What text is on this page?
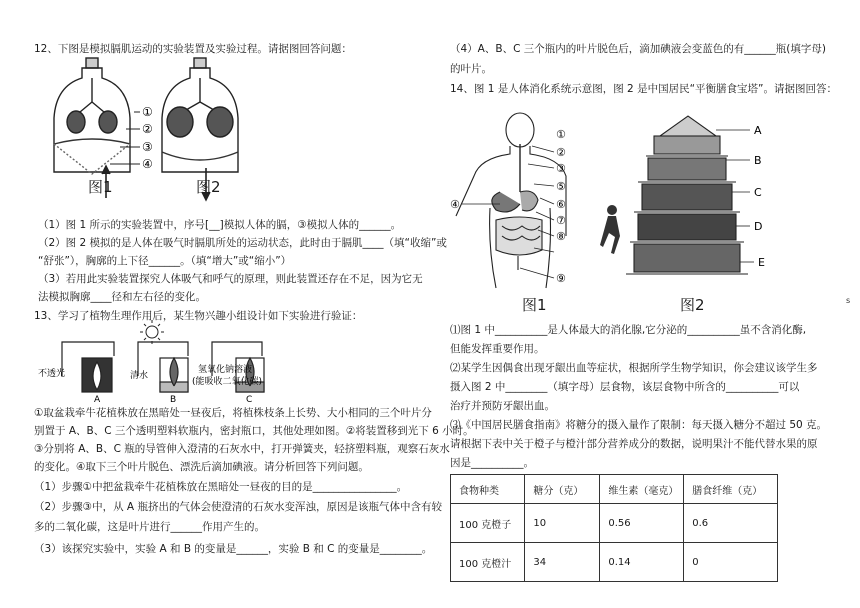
12、下图是模拟膈肌运动的实验装置及实验过程。请据图回答问题：
①
②
③
④
图1	图2
（1）图 1 所示的实验装置中，序号[__]模拟人体的膈，③模拟人体的______。
（2）图 2 模拟的是人体在吸气时膈肌所处的运动状态，此时由于膈肌____（填“收缩”或
“舒张”），胸廓的上下径______。（填“增大”或“缩小”）
（3）若用此实验装置探究人体吸气和呼气的原理，则此装置还存在不足，因为它无
法模拟胸廓____径和左右径的变化。
13、学习了植物生理作用后，某生物兴趣小组设计如下实验进行验证：
不透光	清水
氢氧化钠溶液
(能吸收二氧化碳)
A	B	C
①取盆栽牵牛花植株放在黑暗处一昼夜后，将植株枝条上长势、大小相同的三个叶片分
别置于 A、B、C 三个透明塑料软瓶内，密封瓶口，其他处理如图。②将装置移到光下 6 小时。
③分别将 A、B、C 瓶的导管伸入澄清的石灰水中，打开弹簧夹，轻挤塑料瓶，观察石灰水
的变化。④取下三个叶片脱色、漂洗后滴加碘液。请分析回答下列问题。
（1）步骤①中把盆栽牵牛花植株放在黑暗处一昼夜的目的是________________。
（2）步骤③中，从 A 瓶挤出的气体会使澄清的石灰水变浑浊，原因是该瓶气体中含有较
多的二氧化碳，这是叶片进行______作用产生的。
（3）该探究实验中，实验 A 和 B 的变量是______，实验 B 和 C 的变量是________。
（4）A、B、C 三个瓶内的叶片脱色后，滴加碘液会变蓝色的有______瓶(填字母)
的叶片。
14、图 1 是人体消化系统示意图，图 2 是中国居民“平衡膳食宝塔”。请据图回答：
②
③
⑤
④	⑥
⑦
⑧
⑨
①	A
B
C
D
E
图1	图2
⑴图 1 中__________是人体最大的消化腺,它分泌的__________虽不含消化酶,
但能发挥重要作用。
⑵某学生因偶食出现牙龈出血等症状，根据所学生物学知识，你会建议该学生多
摄入图 2 中________（填字母）层食物，该层食物中所含的__________可以
治疗并预防牙龈出血。
⑶《中国居民膳食指南》将糖分的摄入量作了限制：每天摄入糖分不超过 50 克。
请根据下表中关于橙子与橙汁部分营养成分的数据，说明果汁不能代替水果的原
因是__________。
食物种类	糖分（克）	维生素（毫克）	膳食纤维（克）
100 克橙子	10	0.56	0.6
100 克橙汁	34	0.14	0
s
